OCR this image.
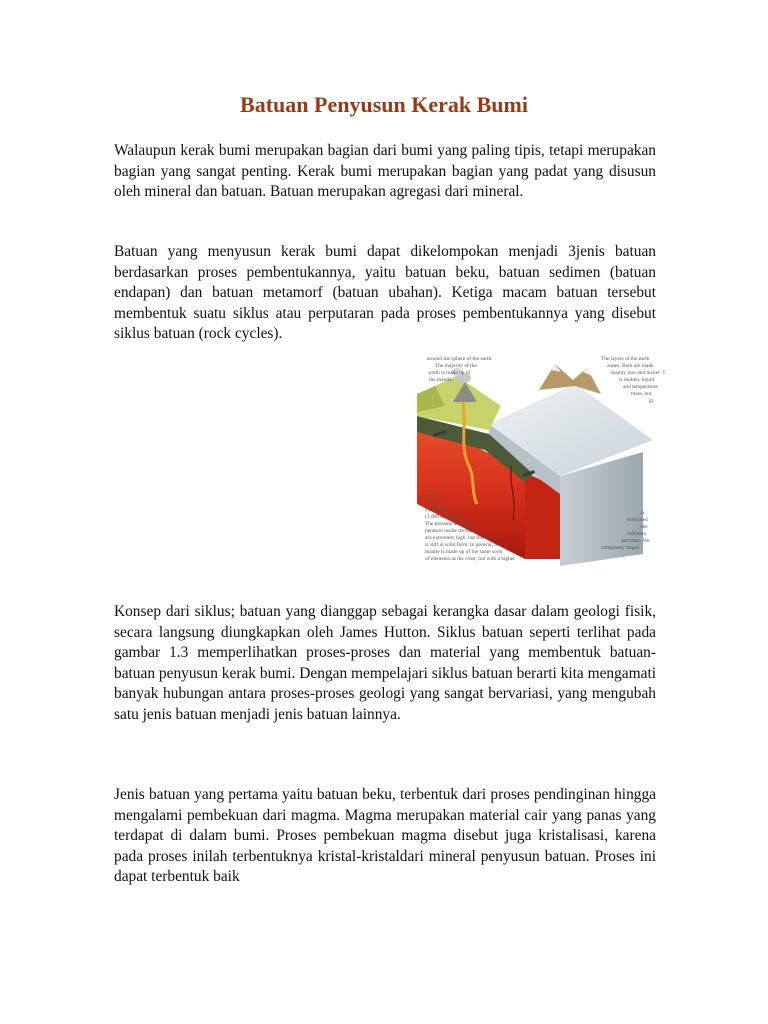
Batuan Penyusun Kerak Bumi

Walaupun kerak bumi merupakan bagian dari bumi yang paling tipis, tetapi merupakan bagian yang sangat penting. Kerak bumi merupakan bagian yang padat yang disusun oleh mineral dan batuan. Batuan merupakan agregasi dari mineral.

Batuan yang menyusun kerak bumi dapat dikelompokan menjadi 3jenis batuan berdasarkan proses pembentukannya, yaitu batuan beku, batuan sedimen (batuan endapan) dan batuan metamorf (batuan ubahan). Ketiga macam batuan tersebut membentuk suatu siklus atau perputaran pada proses pembentukannya yang disebut siklus batuan (rock cycles).

around the sphere of the earth.
The majority of the
earth is made up of
the mantle.
The layers of the earth
zones. Both are made
mainly iron and nickel. T
is molten, liquid
and temperature
there, but
gr
which
is nearly
1,800 miles
(3,000 km) thick.
The pressure and tem-
perature inside the earth
are extremely high, but this rock
is still in solid form. In general, the
mantle is made up of the same sorts
of elements as the crust, but with a higher
is
estimated
the
radiation
and stars. We
completely impos

Konsep dari siklus; batuan yang dianggap sebagai kerangka dasar dalam geologi fisik, secara langsung diungkapkan oleh James Hutton. Siklus batuan seperti terlihat pada gambar 1.3 memperlihatkan proses-proses dan material yang membentuk batuan-batuan penyusun kerak bumi. Dengan mempelajari siklus batuan berarti kita mengamati banyak hubungan antara proses-proses geologi yang sangat bervariasi, yang mengubah satu jenis batuan menjadi jenis batuan lainnya.

Jenis batuan yang pertama yaitu batuan beku, terbentuk dari proses pendinginan hingga mengalami pembekuan dari magma. Magma merupakan material cair yang panas yang terdapat di dalam bumi. Proses pembekuan magma disebut juga kristalisasi, karena pada proses inilah terbentuknya kristal-kristaldari mineral penyusun batuan. Proses ini dapat terbentuk baik
